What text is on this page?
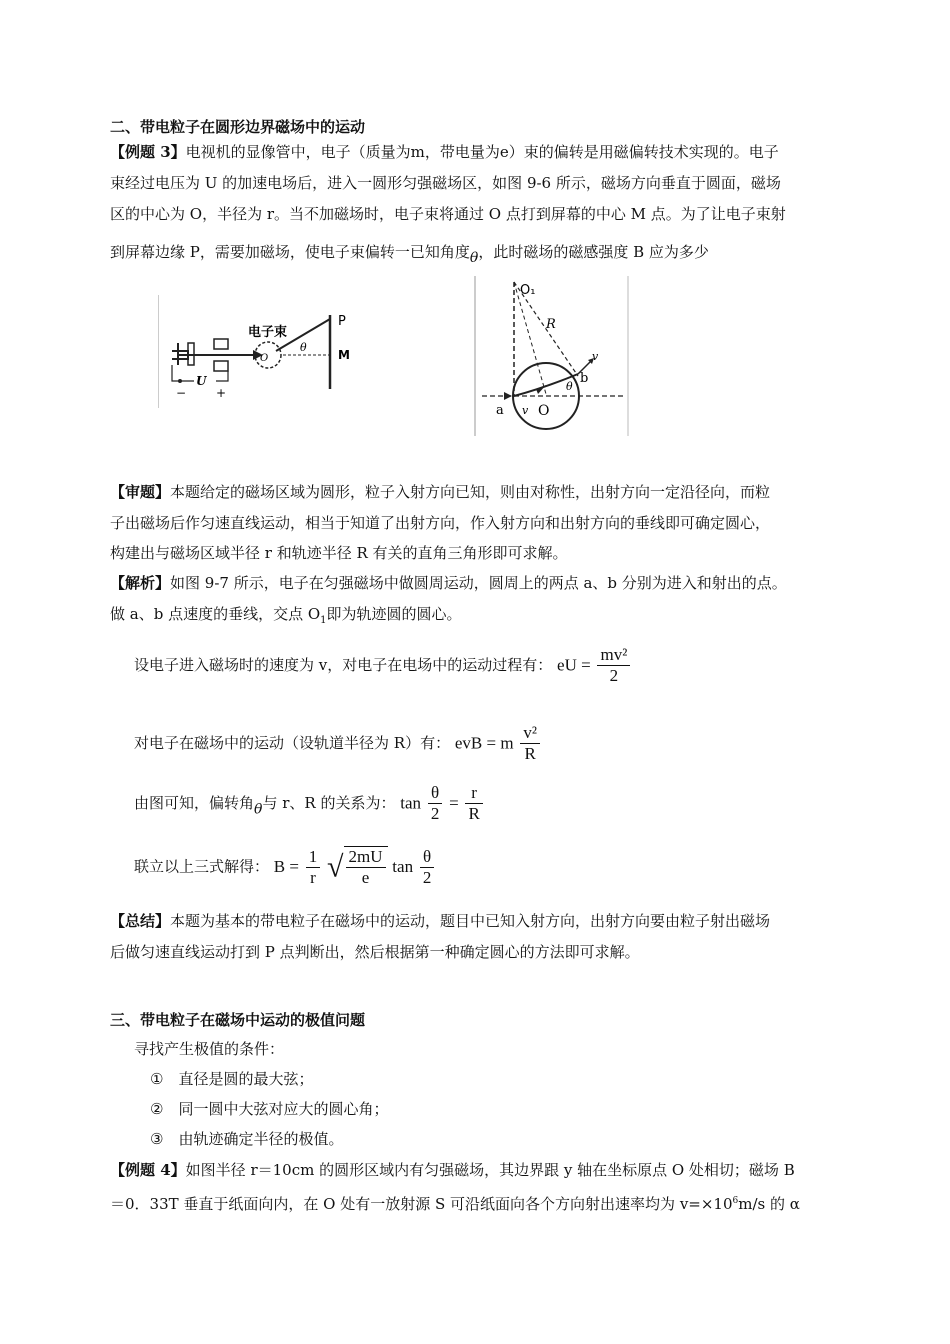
二、带电粒子在圆形边界磁场中的运动
【例题 3】电视机的显像管中，电子（质量为m，带电量为e）束的偏转是用磁偏转技术实现的。电子
束经过电压为 U 的加速电场后，进入一圆形匀强磁场区，如图 9-6 所示，磁场方向垂直于圆面，磁场
区的中心为 O，半径为 r。当不加磁场时，电子束将通过 O 点打到屏幕的中心 M 点。为了让电子束射
到屏幕边缘 P，需要加磁场，使电子束偏转一已知角度θ，此时磁场的磁感强度 B 应为多少
电子束
P
M
θ
O
U
− +
O₁
R
v
b
θ
a v O
【审题】本题给定的磁场区域为圆形，粒子入射方向已知，则由对称性，出射方向一定沿径向，而粒
子出磁场后作匀速直线运动，相当于知道了出射方向，作入射方向和出射方向的垂线即可确定圆心，
构建出与磁场区域半径 r 和轨迹半径 R 有关的直角三角形即可求解。
【解析】如图 9-7 所示，电子在匀强磁场中做圆周运动，圆周上的两点 a、b 分别为进入和射出的点。
做 a、b 点速度的垂线，交点 $O_1$即为轨迹圆的圆心。
设电子进入磁场时的速度为 v，对电子在电场中的运动过程有： eU = $\frac{\text{mv²}}{2}$
对电子在磁场中的运动（设轨道半径为 R）有： evB = m $\frac{\text{v²}}{R}$
由图可知，偏转角θ与 r、R 的关系为： $\tan \frac{\theta}{2} = \frac{r}{R}$
联立以上三式解得： $B = \frac{1}{r}$ √ $\frac{2mU}{e}$ $\tan \frac{\theta}{2}$
【总结】本题为基本的带电粒子在磁场中的运动，题目中已知入射方向，出射方向要由粒子射出磁场
后做匀速直线运动打到 P 点判断出，然后根据第一种确定圆心的方法即可求解。
三、带电粒子在磁场中运动的极值问题
寻找产生极值的条件：
①　直径是圆的最大弦；
②　同一圆中大弦对应大的圆心角；
③　由轨迹确定半径的极值。
【例题 4】如图半径 r＝10cm 的圆形区域内有匀强磁场，其边界跟 y 轴在坐标原点 O 处相切；磁场 B
＝0．33T 垂直于纸面向内，在 O 处有一放射源 S 可沿纸面向各个方向射出速率均为 $v=\times 10^6m/s$ 的 α
